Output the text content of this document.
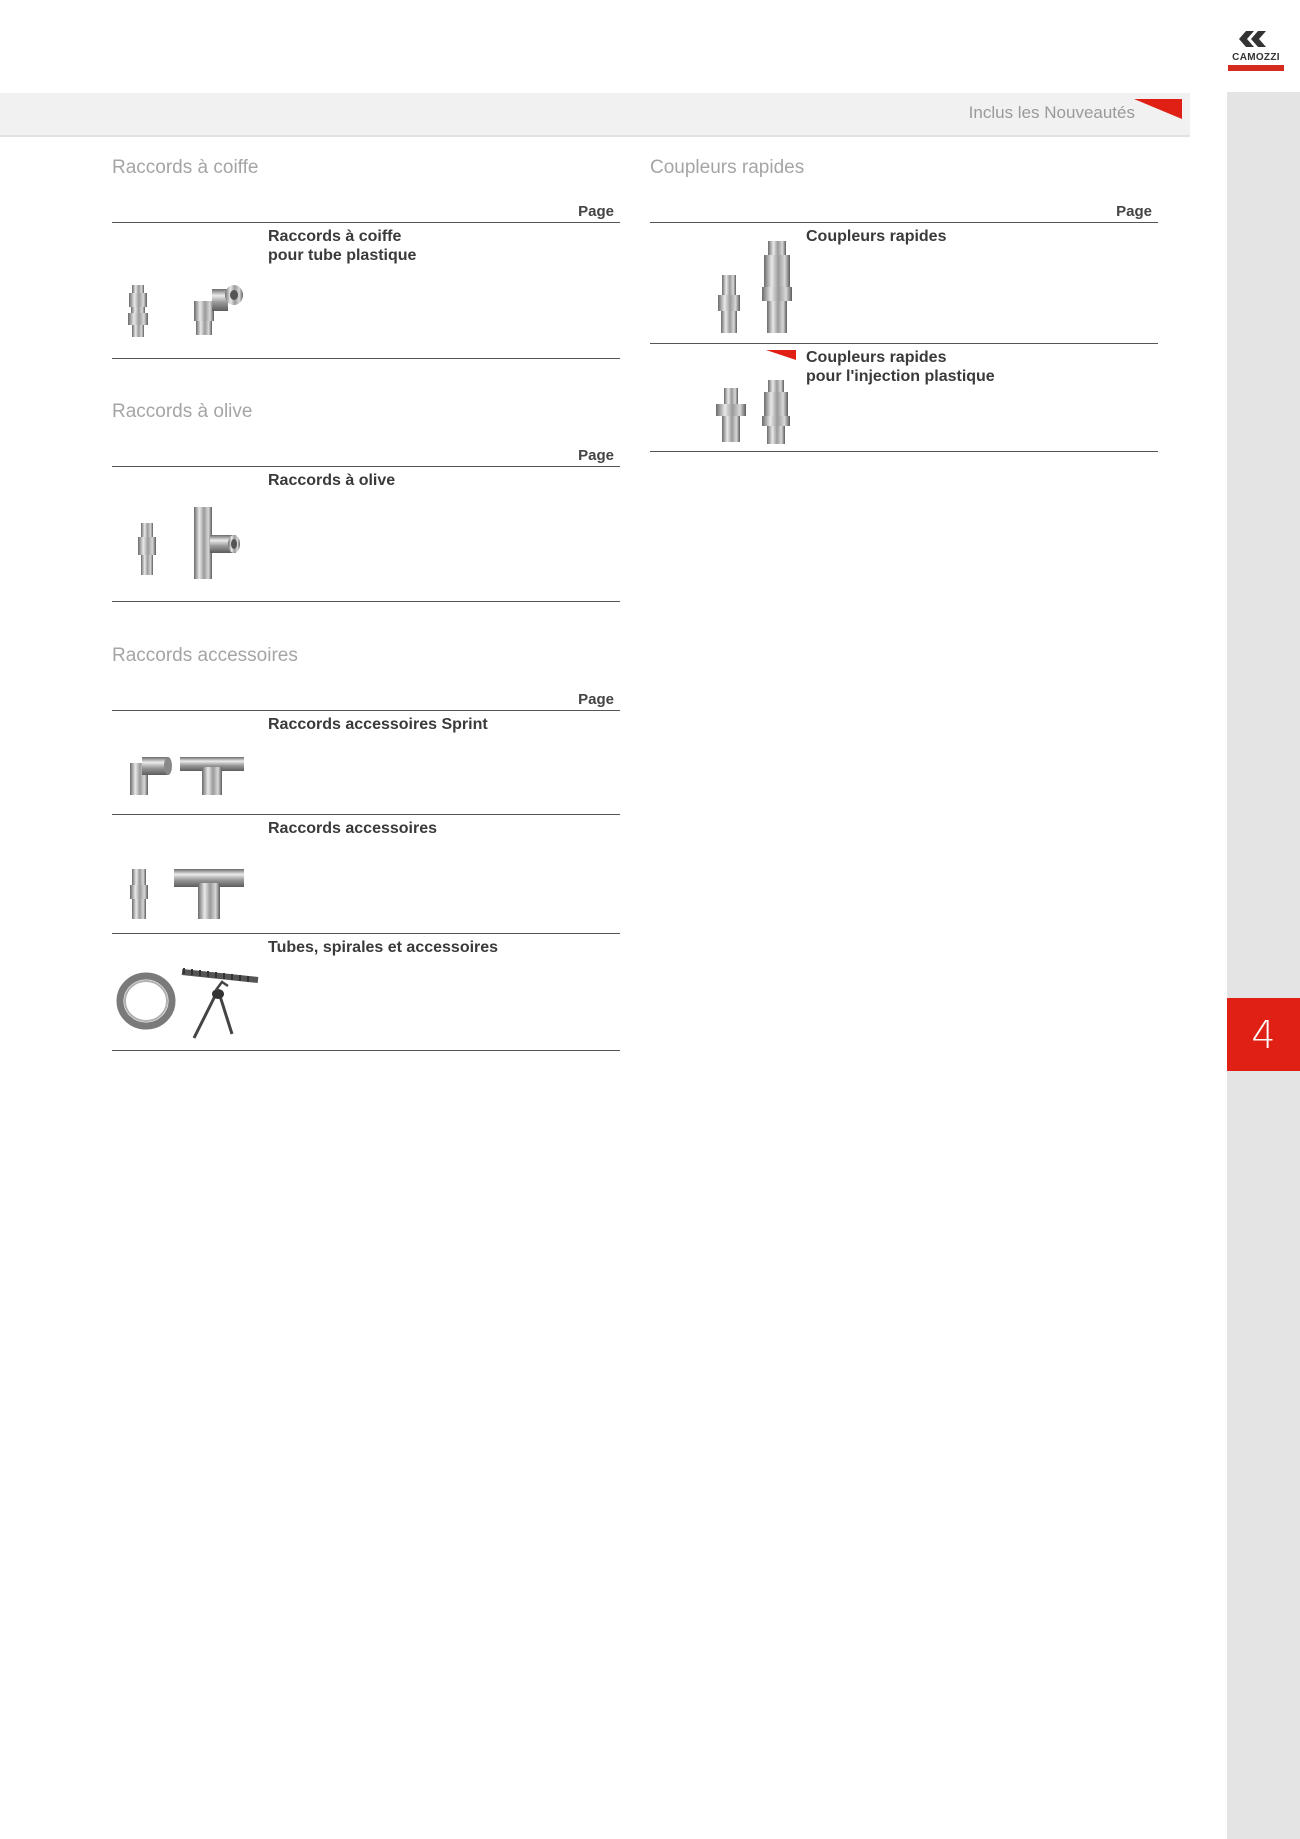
CAMOZZI
Inclus les Nouveautés
4
Raccords à coiffe
Page
Raccords à coiffe
pour tube plastique
Raccords à olive
Page
Raccords à olive
Raccords accessoires
Page
Raccords accessoires Sprint
Raccords accessoires
Tubes, spirales et accessoires
Coupleurs rapides
Page
Coupleurs rapides
Coupleurs rapides
pour l'injection plastique
